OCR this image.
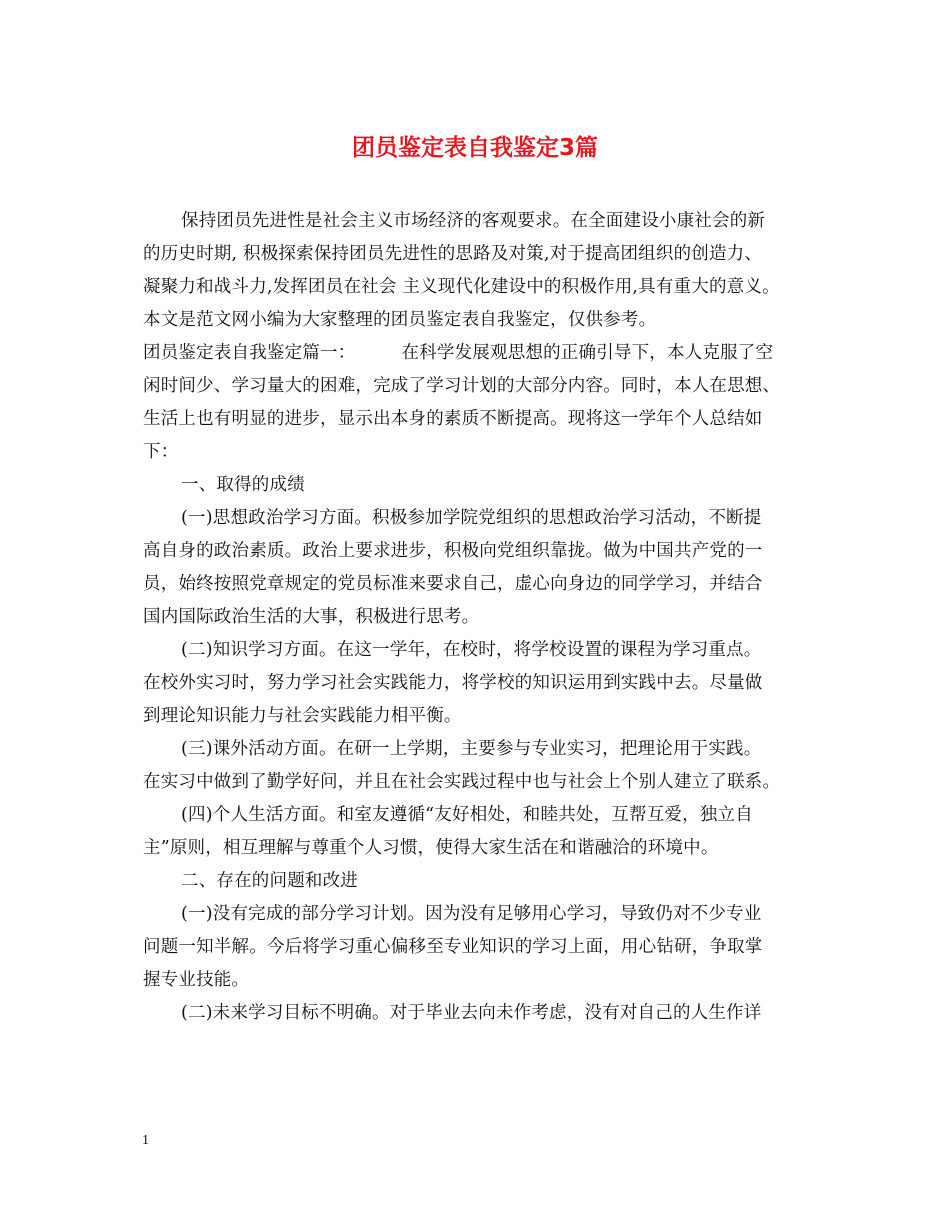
团员鉴定表自我鉴定3篇
保持团员先进性是社会主义市场经济的客观要求。在全面建设小康社会的新
的历史时期, 积极探索保持团员先进性的思路及对策,对于提高团组织的创造力、
凝聚力和战斗力,发挥团员在社会 主义现代化建设中的积极作用,具有重大的意义。
本文是范文网小编为大家整理的团员鉴定表自我鉴定，仅供参考。
团员鉴定表自我鉴定篇一：        在科学发展观思想的正确引导下，本人克服了空
闲时间少、学习量大的困难，完成了学习计划的大部分内容。同时，本人在思想、
生活上也有明显的进步，显示出本身的素质不断提高。现将这一学年个人总结如
下：
一、取得的成绩
(一)思想政治学习方面。积极参加学院党组织的思想政治学习活动，不断提
高自身的政治素质。政治上要求进步，积极向党组织靠拢。做为中国共产党的一
员，始终按照党章规定的党员标准来要求自己，虚心向身边的同学学习，并结合
国内国际政治生活的大事，积极进行思考。
(二)知识学习方面。在这一学年，在校时，将学校设置的课程为学习重点。
在校外实习时，努力学习社会实践能力，将学校的知识运用到实践中去。尽量做
到理论知识能力与社会实践能力相平衡。
(三)课外活动方面。在研一上学期，主要参与专业实习，把理论用于实践。
在实习中做到了勤学好问，并且在社会实践过程中也与社会上个别人建立了联系。
(四)个人生活方面。和室友遵循“友好相处，和睦共处，互帮互爱，独立自
主”原则，相互理解与尊重个人习惯，使得大家生活在和谐融洽的环境中。
二、存在的问题和改进
(一)没有完成的部分学习计划。因为没有足够用心学习，导致仍对不少专业
问题一知半解。今后将学习重心偏移至专业知识的学习上面，用心钻研，争取掌
握专业技能。
(二)未来学习目标不明确。对于毕业去向未作考虑，没有对自己的人生作详
1
